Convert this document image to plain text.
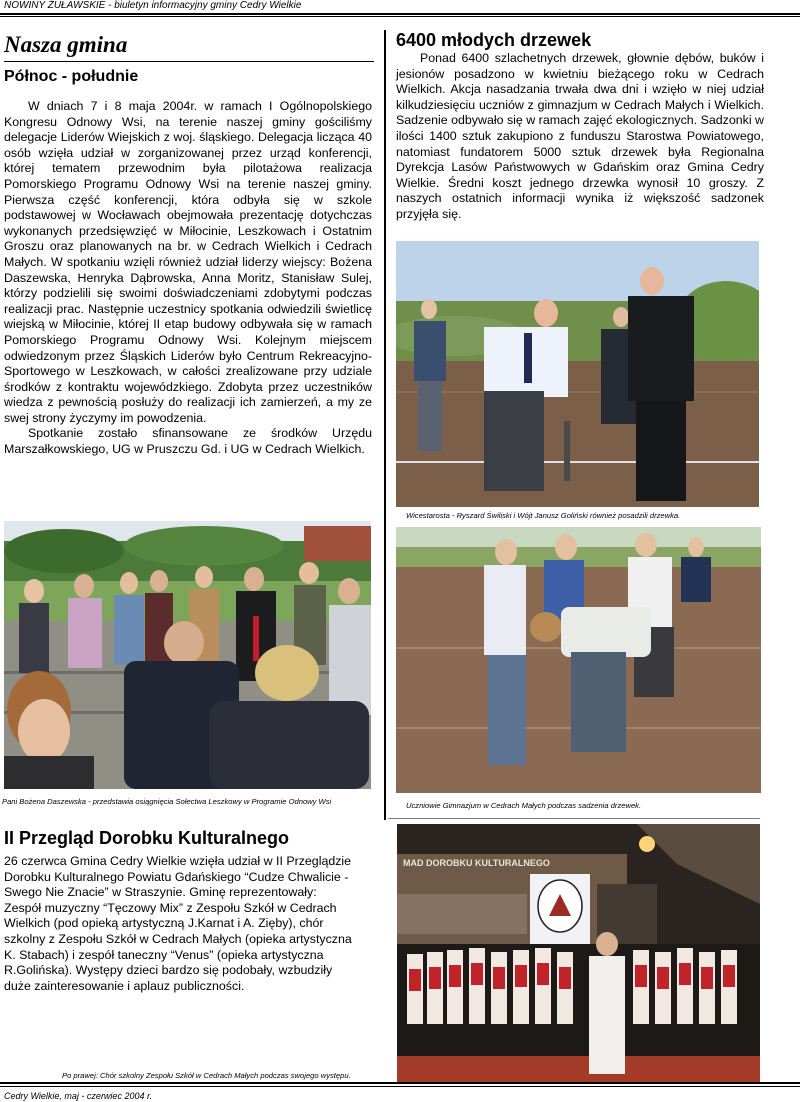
NOWINY ŻUŁAWSKIE - biuletyn informacyjny gminy Cedry Wielkie
Nasza gmina
Północ - południe

W dniach 7 i 8 maja 2004r. w ramach I Ogólnopolskiego Kongresu Odnowy Wsi, na terenie naszej gminy gościliśmy delegacje Liderów Wiejskich z woj. śląskiego. Delegacja licząca 40 osób wzięła udział w zorganizowanej przez urząd konferencji, której tematem przewodnim była pilotażowa realizacja Pomorskiego Programu Odnowy Wsi na terenie naszej gminy. Pierwsza część konferencji, która odbyła się w szkole podstawowej w Wocławach obejmowała prezentację dotychczas wykonanych przedsięwzięć w Miłocinie, Leszkowach i Ostatnim Groszu oraz planowanych na br. w Cedrach Wielkich i Cedrach Małych. W spotkaniu wzięli również udział liderzy wiejscy: Bożena Daszewska, Henryka Dąbrowska, Anna Moritz, Stanisław Sulej, którzy podzielili się swoimi doświadczeniami zdobytymi podczas realizacji prac. Następnie uczestnicy spotkania odwiedzili świetlicę wiejską w Miłocinie, której II etap budowy odbywała się w ramach Pomorskiego Programu Odnowy Wsi. Kolejnym miejscem odwiedzonym przez Śląskich Liderów było Centrum Rekreacyjno-Sportowego w Leszkowach, w całości zrealizowane przy udziale środków z kontraktu wojewódzkiego. Zdobyta przez uczestników wiedza z pewnością posłuży do realizacji ich zamierzeń, a my ze swej strony życzymy im powodzenia.

Spotkanie zostało sfinansowane ze środków Urzędu Marszałkowskiego, UG w Pruszczu Gd. i UG w Cedrach Wielkich.

Pani Bożena Daszewska - przedstawia osiągnięcia Sołectwa Leszkowy w Programie Odnowy Wsi
6400 młodych drzewek

Ponad 6400 szlachetnych drzewek, głownie dębów, buków i jesionów posadzono w kwietniu bieżącego roku w Cedrach Wielkich. Akcja nasadzania trwała dwa dni i wzięło w niej udział kilkudziesięciu uczniów z gimnazjum w Cedrach Małych i Wielkich. Sadzenie odbywało się w ramach zajęć ekologicznych. Sadzonki w ilości 1400 sztuk zakupiono z funduszu Starostwa Powiatowego, natomiast fundatorem 5000 sztuk drzewek była Regionalna Dyrekcja Lasów Państwowych w Gdańskim oraz Gmina Cedry Wielkie. Średni koszt jednego drzewka wynosił 10 groszy. Z naszych ostatnich informacji wynika iż większość sadzonek przyjęła się.

Wicestarosta - Ryszard Świliski i Wójt Janusz Goliński również posadzili drzewka.
Uczniowie Gimnazjum w Cedrach Małych podczas sadzenia drzewek.
II Przegląd Dorobku Kulturalnego

26 czerwca Gmina Cedry Wielkie wzięła udział w II Przeglądzie Dorobku Kulturalnego Powiatu Gdańskiego “Cudze Chwalicie - Swego Nie Znacie” w Straszynie. Gminę reprezentowały: Zespół muzyczny “Tęczowy Mix” z Zespołu Szkół w Cedrach Wielkich (pod opieką artystyczną J.Karnat i A. Zięby), chór szkolny z Zespołu Szkół w Cedrach Małych (opieka artystyczna K. Stabach) i zespół taneczny “Venus” (opieka artystyczna R.Golińska). Występy dzieci bardzo się podobały, wzbudziły duże zainteresowanie i aplauz publiczności.

MAD DOROBKU KULTURALNEGO
Po prawej: Chór szkolny Zespołu Szkół w Cedrach Małych podczas swojego występu.
Cedry Wielkie, maj - czerwiec 2004 r.
